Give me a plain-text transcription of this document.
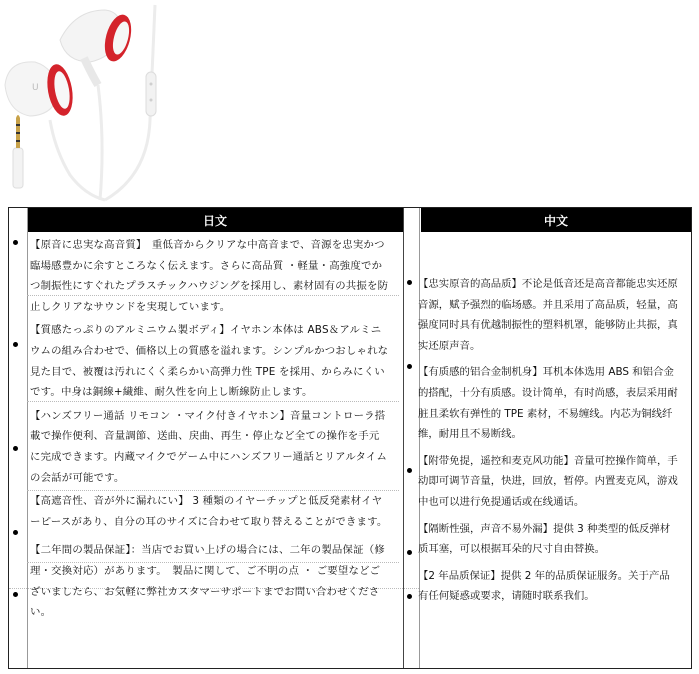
U
日文	中文

【原音に忠実な高音質】　重低音からクリアな中高音まで、音源を忠実かつ臨場感豊かに余すところなく伝えます。さらに高品質 ・軽量・高強度でかつ制振性にすぐれたプラスチックハウジングを採用し、素材固有の共振を防止しクリアなサウンドを実現しています。

【質感たっぷりのアルミニウム製ボディ】イヤホン本体は ABS＆アルミニウムの組み合わせで、価格以上の質感を溢れます。シンプルかつおしゃれな見た目で、被覆は汚れにくく柔らかい高弾力性 TPE を採用、からみにくいです。中身は銅線+繊維、耐久性を向上し断線防止します。

【ハンズフリー通話 リモコン ・マイク付きイヤホン】音量コントローラ搭載で操作便利、音量調節、送曲、戻曲、再生・停止など全ての操作を手元に完成できます。内蔵マイクでゲーム中にハンズフリー通話とリアルタイムの会話が可能です。

【高遮音性、音が外に漏れにい】 3 種類のイヤーチップと低反発素材イヤーピースがあり、自分の耳のサイズに合わせて取り替えることができます。

【二年間の製品保証】：当店でお買い上げの場合には、二年の製品保証（修理・交換対応）があります。　製品に関して、ご不明の点 ・ ご要望などございましたら、お気軽に弊社カスタマーサポートまでお問い合わせください。

【忠实原音的高品质】不论是低音还是高音都能忠实还原音源，赋予强烈的临场感。并且采用了高品质，轻量，高强度同时具有优越制振性的塑料机罩，能够防止共振，真实还原声音。

【有质感的铝合金制机身】耳机本体选用 ABS 和铝合金的搭配，十分有质感。设计简单，有时尚感，表层采用耐脏且柔软有弹性的 TPE 素材，不易缠线。内芯为铜线纤维，耐用且不易断线。

【附带免提，遥控和麦克风功能】音量可控操作简单，手动即可调节音量，快进，回放，暂停。内置麦克风，游戏中也可以进行免提通话或在线通话。

【隔断性强，声音不易外漏】提供 3 种类型的低反弹材质耳塞，可以根据耳朵的尺寸自由替换。

【2 年品质保证】提供 2 年的品质保证服务。关于产品有任何疑惑或要求，请随时联系我们。
